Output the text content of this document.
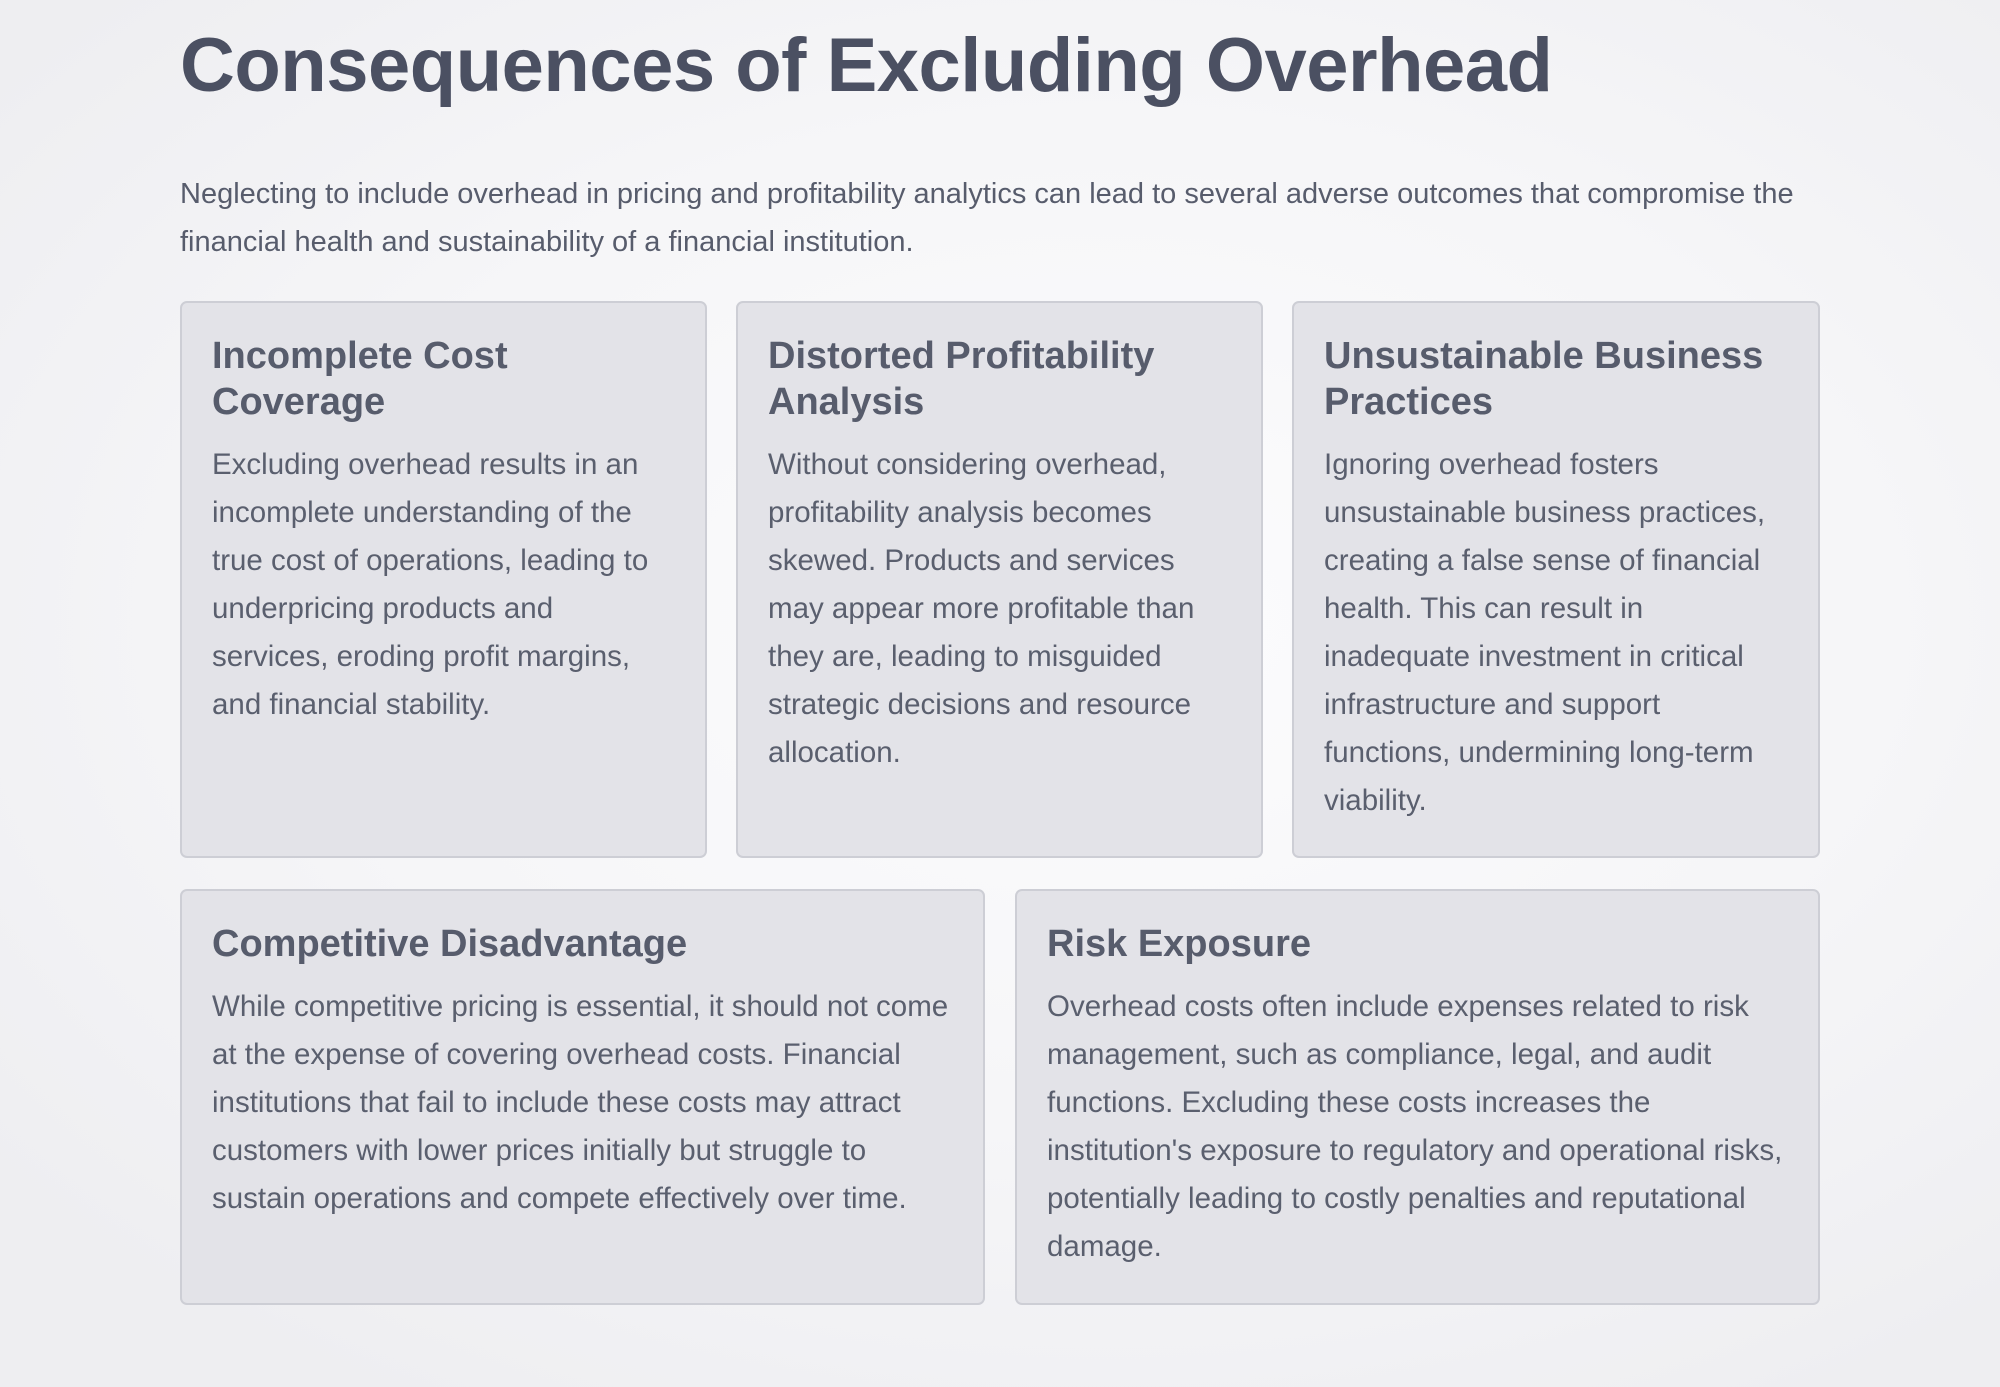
Consequences of Excluding Overhead

Neglecting to include overhead in pricing and profitability analytics can lead to several adverse outcomes that compromise the financial health and sustainability of a financial institution.

Incomplete Cost Coverage

Excluding overhead results in an incomplete understanding of the true cost of operations, leading to underpricing products and services, eroding profit margins, and financial stability.

Distorted Profitability Analysis

Without considering overhead, profitability analysis becomes skewed. Products and services may appear more profitable than they are, leading to misguided strategic decisions and resource allocation.

Unsustainable Business Practices

Ignoring overhead fosters unsustainable business practices, creating a false sense of financial health. This can result in inadequate investment in critical infrastructure and support functions, undermining long-term viability.

Competitive Disadvantage

While competitive pricing is essential, it should not come at the expense of covering overhead costs. Financial institutions that fail to include these costs may attract customers with lower prices initially but struggle to sustain operations and compete effectively over time.

Risk Exposure

Overhead costs often include expenses related to risk management, such as compliance, legal, and audit functions. Excluding these costs increases the institution's exposure to regulatory and operational risks, potentially leading to costly penalties and reputational damage.
